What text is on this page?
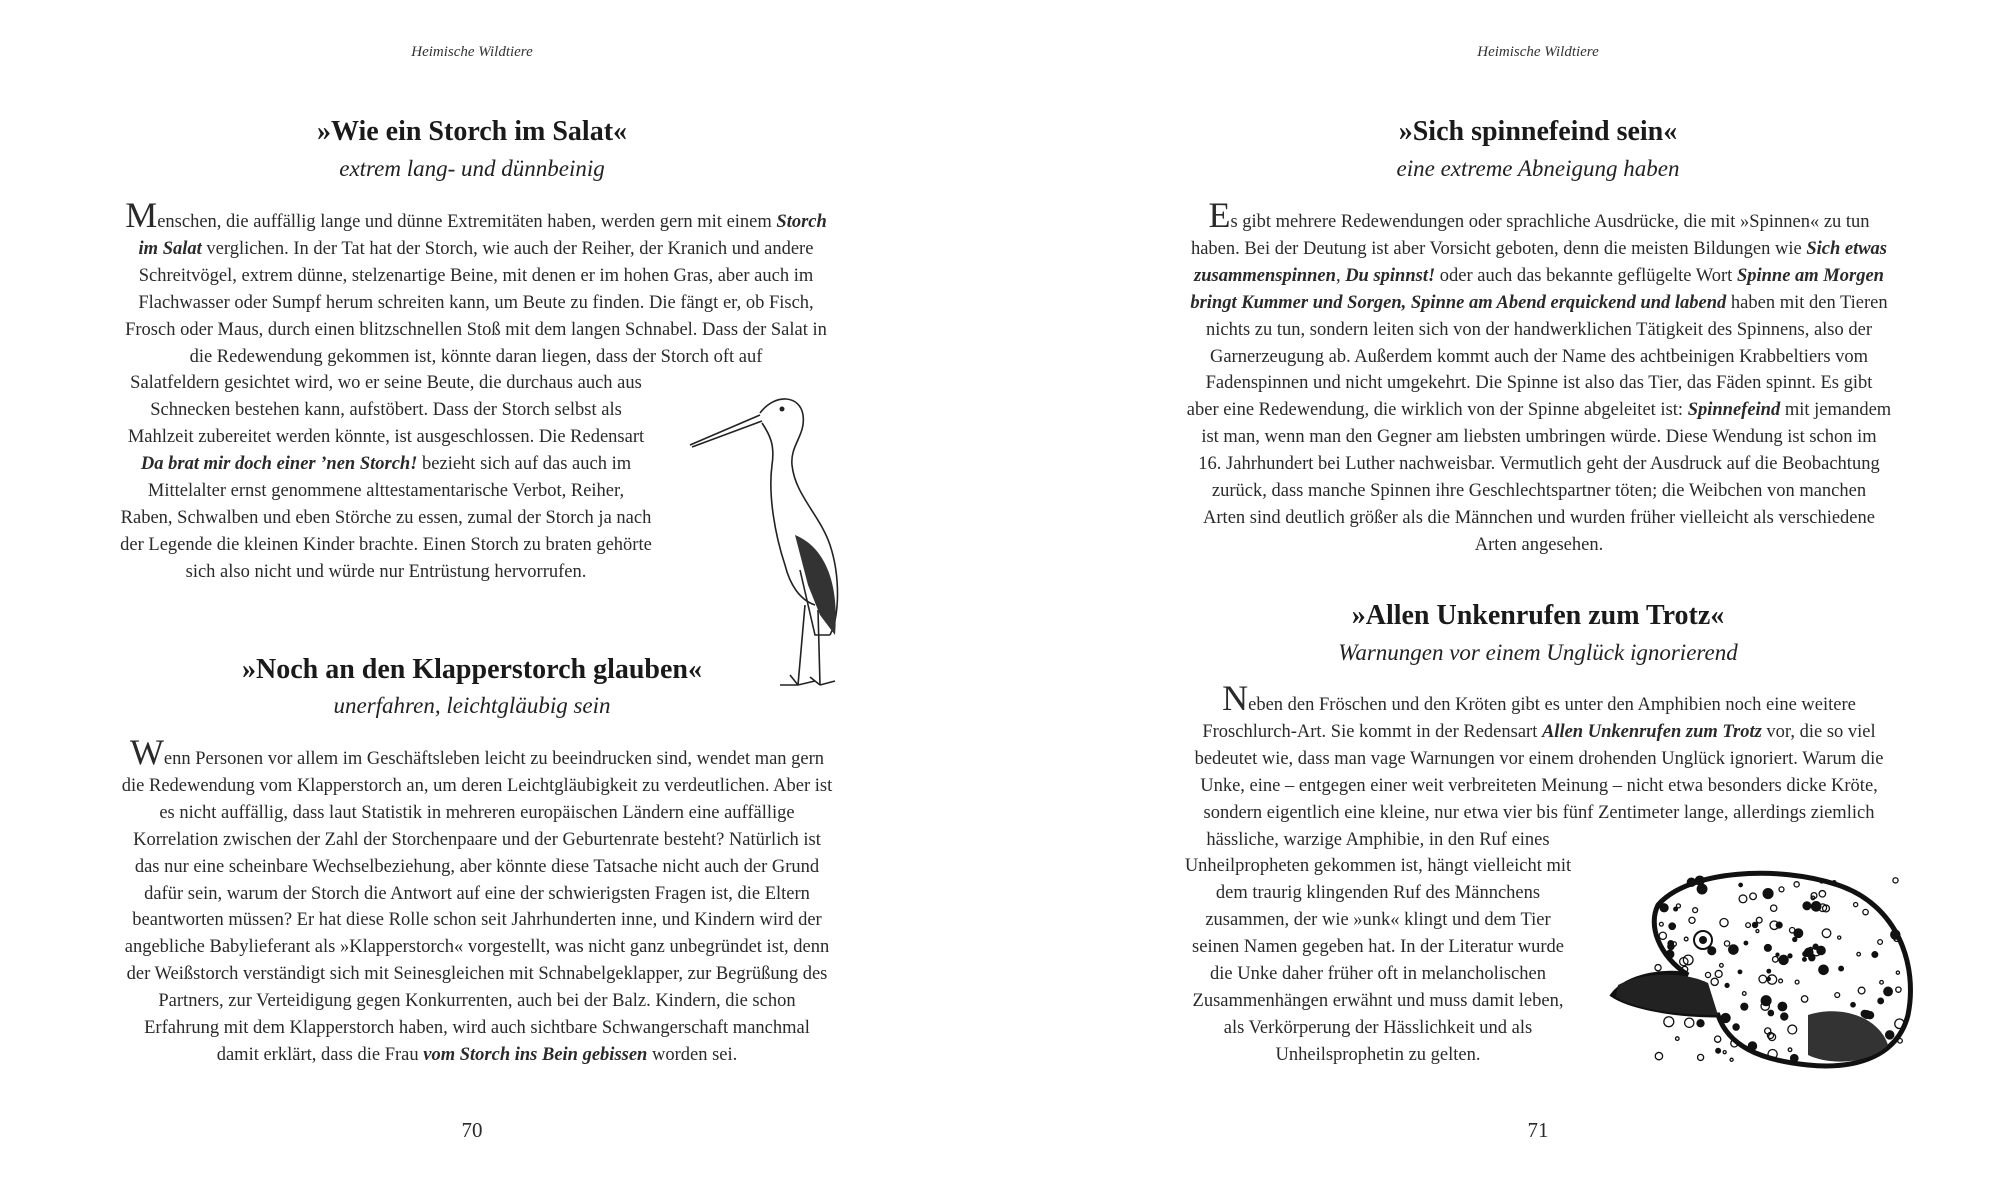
Heimische Wildtiere
»Wie ein Storch im Salat«
extrem lang- und dünnbeinig
Menschen, die auffällig lange und dünne Extremitäten haben, werden gern mit einem Storch
im Salat verglichen. In der Tat hat der Storch, wie auch der Reiher, der Kranich und andere
Schreitvögel, extrem dünne, stelzenartige Beine, mit denen er im hohen Gras, aber auch im
Flachwasser oder Sumpf herum schreiten kann, um Beute zu finden. Die fängt er, ob Fisch,
Frosch oder Maus, durch einen blitzschnellen Stoß mit dem langen Schnabel. Dass der Salat in
die Redewendung gekommen ist, könnte daran liegen, dass der Storch oft auf
Salatfeldern gesichtet wird, wo er seine Beute, die durchaus auch aus
Schnecken bestehen kann, aufstöbert. Dass der Storch selbst als
Mahlzeit zubereitet werden könnte, ist ausgeschlossen. Die Redensart
Da brat mir doch einer ’nen Storch! bezieht sich auf das auch im
Mittelalter ernst genommene alttestamentarische Verbot, Reiher,
Raben, Schwalben und eben Störche zu essen, zumal der Storch ja nach
der Legende die kleinen Kinder brachte. Einen Storch zu braten gehörte
sich also nicht und würde nur Entrüstung hervorrufen.
»Noch an den Klapperstorch glauben«
unerfahren, leichtgläubig sein
Wenn Personen vor allem im Geschäftsleben leicht zu beeindrucken sind, wendet man gern
die Redewendung vom Klapperstorch an, um deren Leichtgläubigkeit zu verdeutlichen. Aber ist
es nicht auffällig, dass laut Statistik in mehreren europäischen Ländern eine auffällige
Korrelation zwischen der Zahl der Storchenpaare und der Geburtenrate besteht? Natürlich ist
das nur eine scheinbare Wechselbeziehung, aber könnte diese Tatsache nicht auch der Grund
dafür sein, warum der Storch die Antwort auf eine der schwierigsten Fragen ist, die Eltern
beantworten müssen? Er hat diese Rolle schon seit Jahrhunderten inne, und Kindern wird der
angebliche Babylieferant als »Klapperstorch« vorgestellt, was nicht ganz unbegründet ist, denn
der Weißstorch verständigt sich mit Seinesgleichen mit Schnabelgeklapper, zur Begrüßung des
Partners, zur Verteidigung gegen Konkurrenten, auch bei der Balz. Kindern, die schon
Erfahrung mit dem Klapperstorch haben, wird auch sichtbare Schwangerschaft manchmal
damit erklärt, dass die Frau vom Storch ins Bein gebissen worden sei.
70
Heimische Wildtiere
»Sich spinnefeind sein«
eine extreme Abneigung haben
Es gibt mehrere Redewendungen oder sprachliche Ausdrücke, die mit »Spinnen« zu tun
haben. Bei der Deutung ist aber Vorsicht geboten, denn die meisten Bildungen wie Sich etwas
zusammenspinnen, Du spinnst! oder auch das bekannte geflügelte Wort Spinne am Morgen
bringt Kummer und Sorgen, Spinne am Abend erquickend und labend haben mit den Tieren
nichts zu tun, sondern leiten sich von der handwerklichen Tätigkeit des Spinnens, also der
Garnerzeugung ab. Außerdem kommt auch der Name des achtbeinigen Krabbeltiers vom
Fadenspinnen und nicht umgekehrt. Die Spinne ist also das Tier, das Fäden spinnt. Es gibt
aber eine Redewendung, die wirklich von der Spinne abgeleitet ist: Spinnefeind mit jemandem
ist man, wenn man den Gegner am liebsten umbringen würde. Diese Wendung ist schon im
16. Jahrhundert bei Luther nachweisbar. Vermutlich geht der Ausdruck auf die Beobachtung
zurück, dass manche Spinnen ihre Geschlechtspartner töten; die Weibchen von manchen
Arten sind deutlich größer als die Männchen und wurden früher vielleicht als verschiedene
Arten angesehen.
»Allen Unkenrufen zum Trotz«
Warnungen vor einem Unglück ignorierend
Neben den Fröschen und den Kröten gibt es unter den Amphibien noch eine weitere
Froschlurch-Art. Sie kommt in der Redensart Allen Unkenrufen zum Trotz vor, die so viel
bedeutet wie, dass man vage Warnungen vor einem drohenden Unglück ignoriert. Warum die
Unke, eine – entgegen einer weit verbreiteten Meinung – nicht etwa besonders dicke Kröte,
sondern eigentlich eine kleine, nur etwa vier bis fünf Zentimeter lange, allerdings ziemlich
hässliche, warzige Amphibie, in den Ruf eines
Unheilpropheten gekommen ist, hängt vielleicht mit
dem traurig klingenden Ruf des Männchens
zusammen, der wie »unk« klingt und dem Tier
seinen Namen gegeben hat. In der Literatur wurde
die Unke daher früher oft in melancholischen
Zusammenhängen erwähnt und muss damit leben,
als Verkörperung der Hässlichkeit und als
Unheilsprophetin zu gelten.
71
